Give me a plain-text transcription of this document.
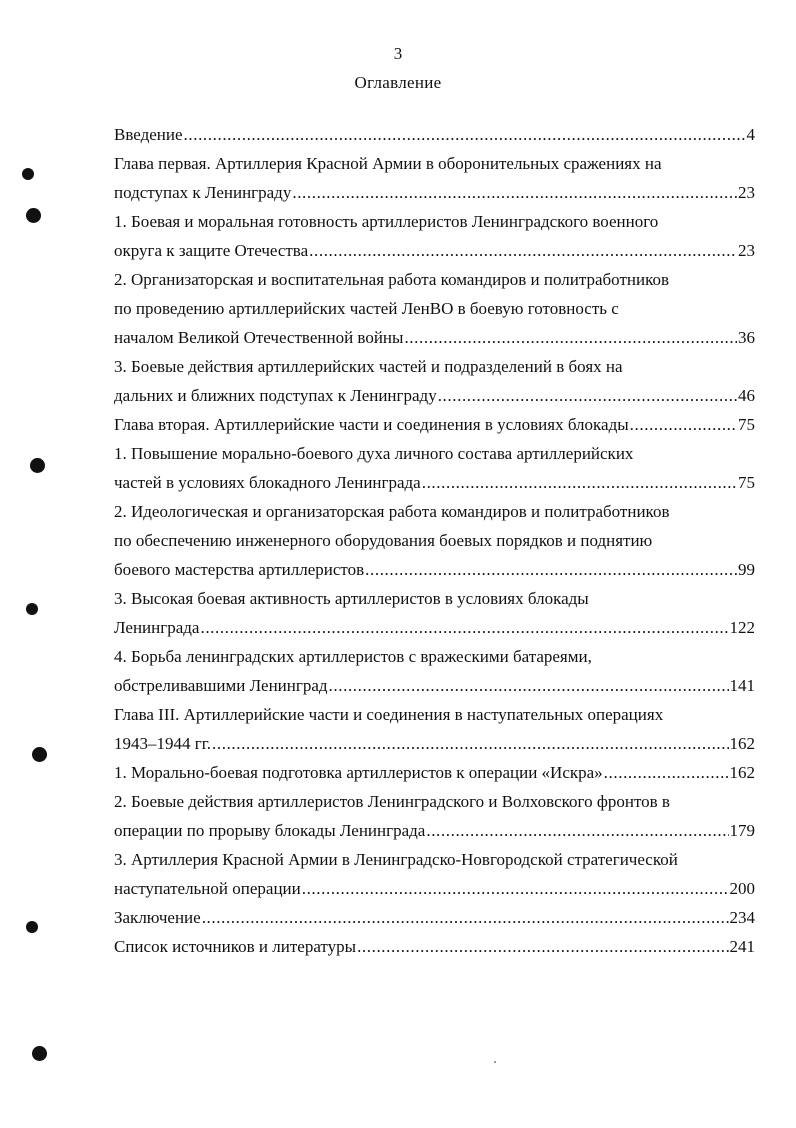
3
Оглавление
Введение .....	4
Глава первая. Артиллерия Красной Армии в оборонительных сражениях на
подступах к Ленинграду .....	23
1. Боевая и моральная готовность артиллеристов Ленинградского военного
округа к защите Отечества .....	23
2. Организаторская и воспитательная работа командиров и политработников
по проведению артиллерийских частей ЛенВО в боевую готовность с
началом Великой Отечественной войны .....	36
3. Боевые действия артиллерийских частей и подразделений в боях на
дальних и ближних подступах к Ленинграду .....	46
Глава вторая. Артиллерийские части и соединения в условиях блокады .....	75
1. Повышение морально-боевого духа личного состава артиллерийских
частей в условиях блокадного Ленинграда .....	75
2. Идеологическая и организаторская работа командиров и политработников
по обеспечению инженерного оборудования боевых порядков и поднятию
боевого мастерства артиллеристов .....	99
3. Высокая боевая активность артиллеристов в условиях блокады
Ленинграда .....	122
4. Борьба ленинградских артиллеристов с вражескими батареями,
обстреливавшими Ленинград .....	141
Глава III. Артиллерийские части и соединения в наступательных операциях
1943–1944 гг. .....	162
1. Морально-боевая подготовка артиллеристов к операции «Искра» .....	162
2. Боевые действия артиллеристов Ленинградского и Волховского фронтов в
операции по прорыву блокады Ленинграда .....	179
3. Артиллерия Красной Армии в Ленинградско-Новгородской стратегической
наступательной операции .....	200
Заключение .....	234
Список источников и литературы .....	241
